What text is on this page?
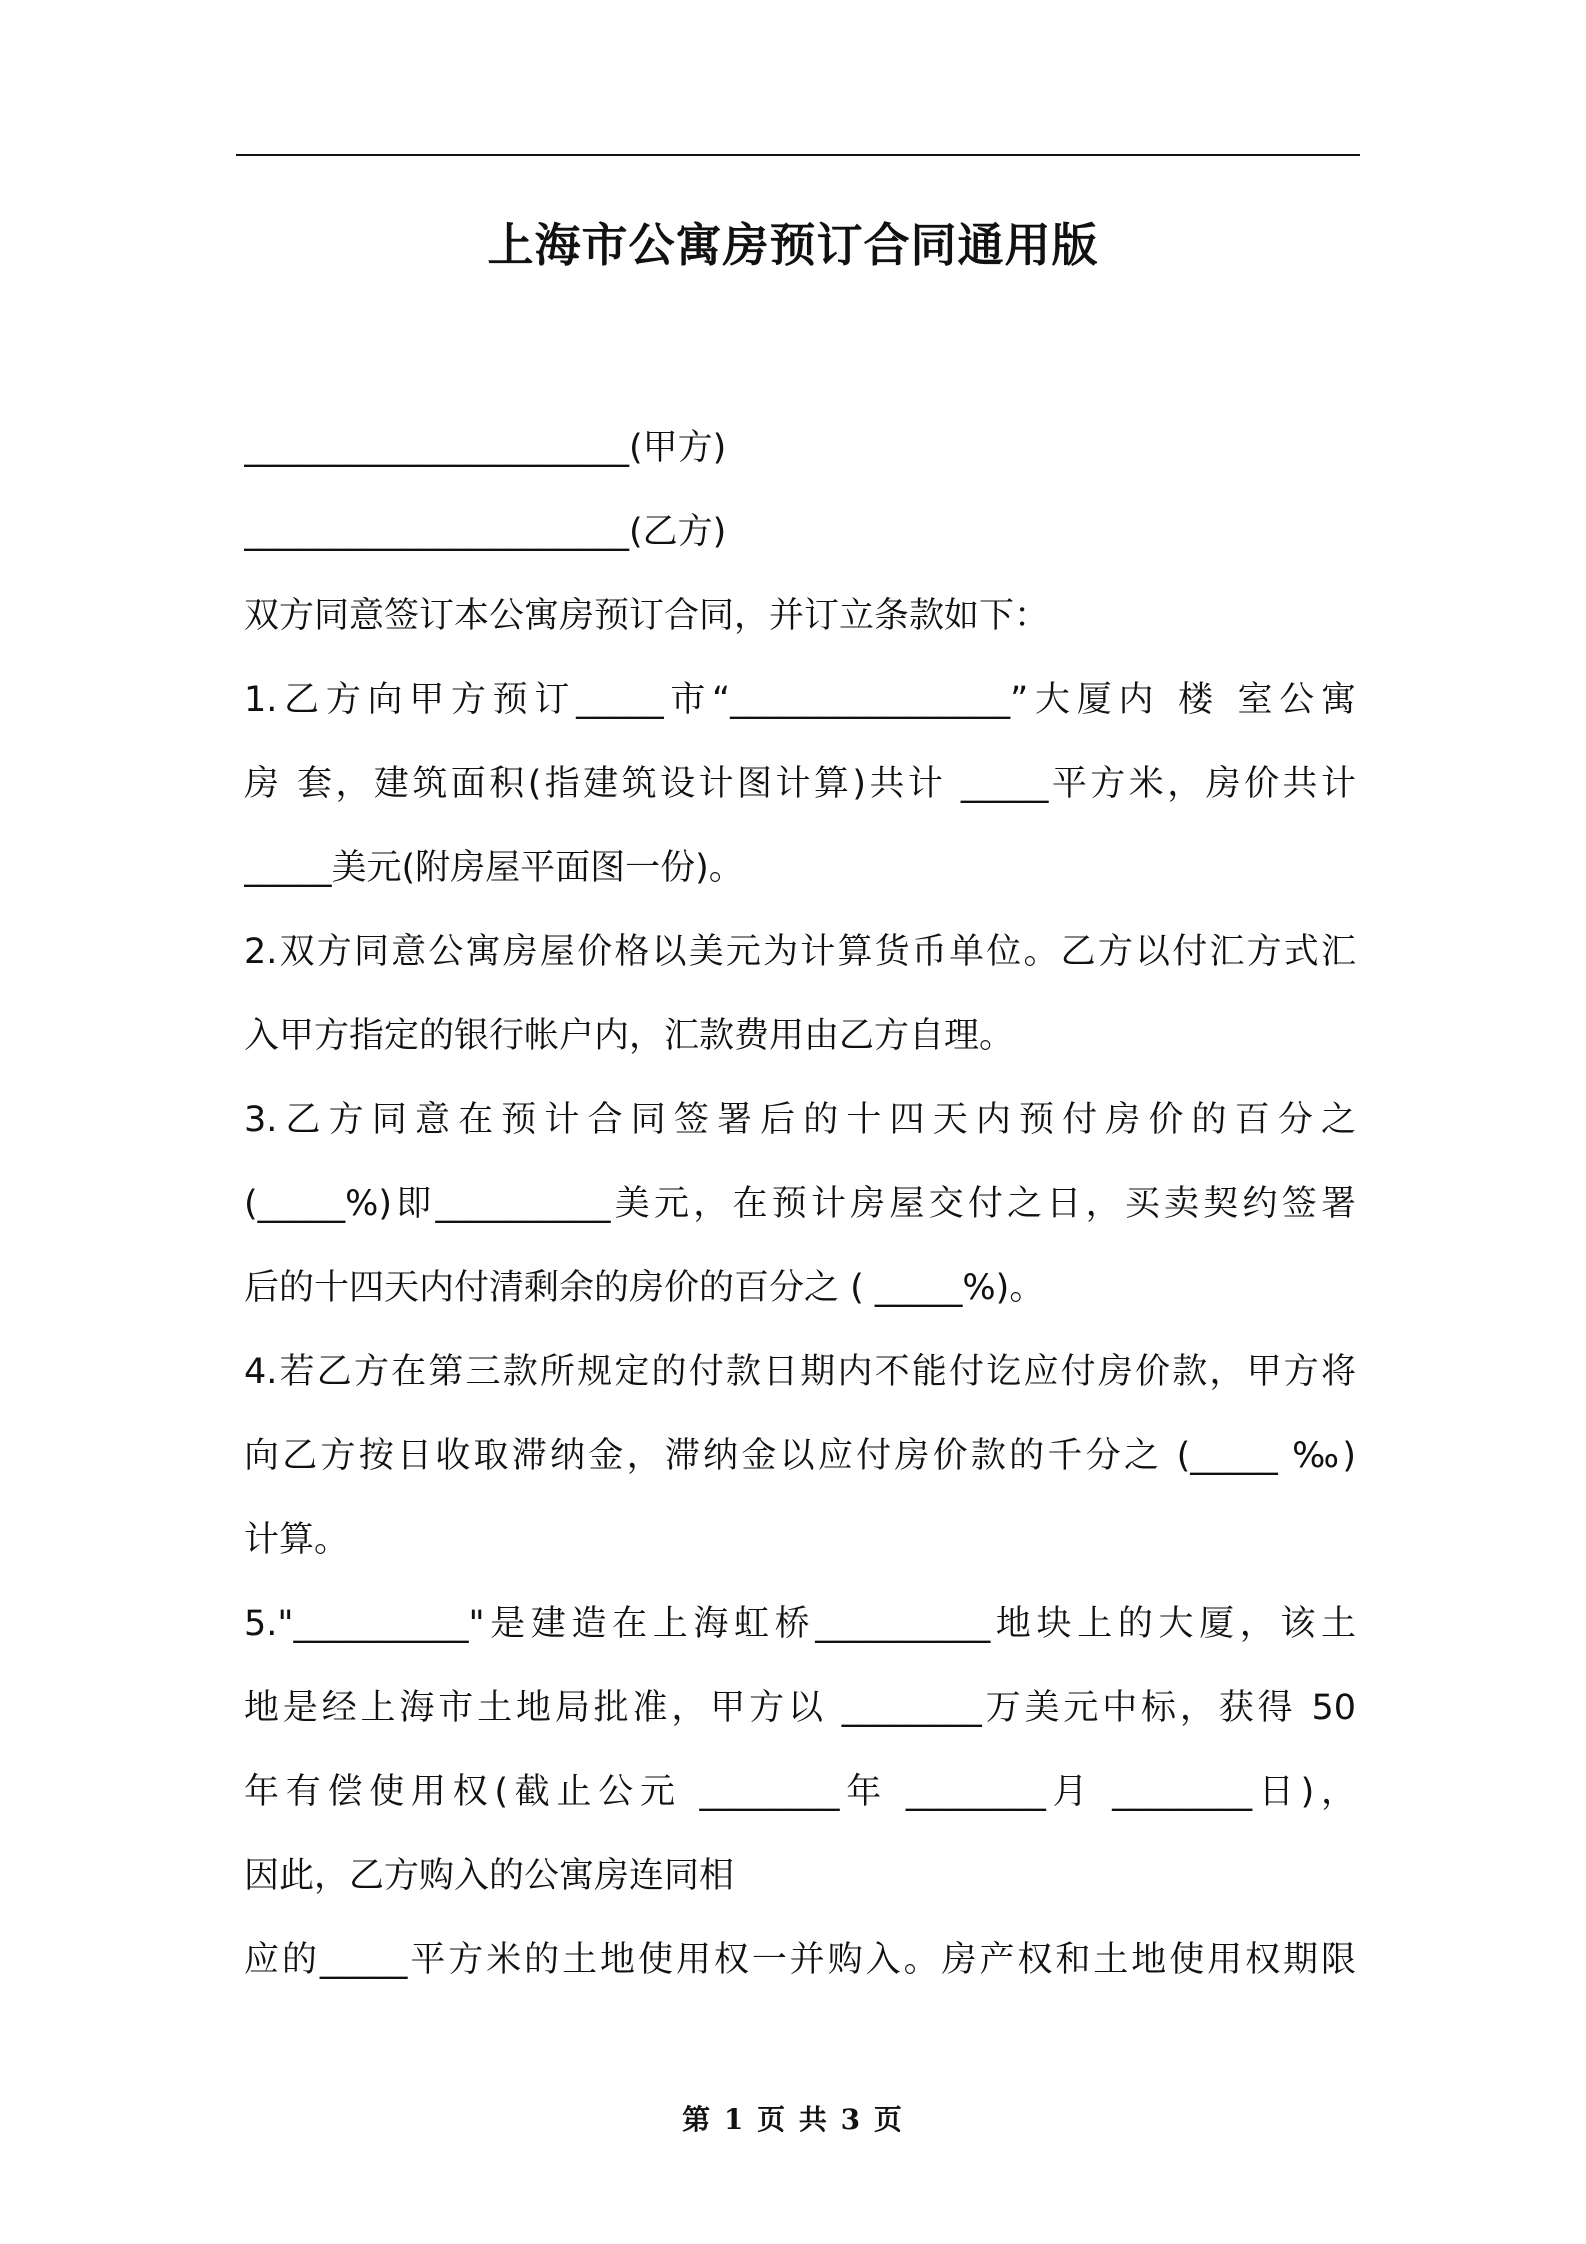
上海市公寓房预订合同通用版
______________________(甲方)
______________________(乙方)
双方同意签订本公寓房预订合同，并订立条款如下：
1.乙方向甲方预订_____市“________________”大厦内 楼 室公寓
房 套，建筑面积(指建筑设计图计算)共计 _____平方米，房价共计
_____美元(附房屋平面图一份)。
2.双方同意公寓房屋价格以美元为计算货币单位。乙方以付汇方式汇
入甲方指定的银行帐户内，汇款费用由乙方自理。
3.乙方同意在预计合同签署后的十四天内预付房价的百分之
(_____%)即__________美元，在预计房屋交付之日，买卖契约签署
后的十四天内付清剩余的房价的百分之 ( _____%)。
4.若乙方在第三款所规定的付款日期内不能付讫应付房价款，甲方将
向乙方按日收取滞纳金，滞纳金以应付房价款的千分之 (_____ ‰)
计算。
5."__________"是建造在上海虹桥__________地块上的大厦，该土
地是经上海市土地局批准，甲方以 ________万美元中标，获得 50
年有偿使用权(截止公元 ________年 ________月 ________日)，
因此，乙方购入的公寓房连同相
应的_____平方米的土地使用权一并购入。房产权和土地使用权期限
第 1 页 共 3 页
